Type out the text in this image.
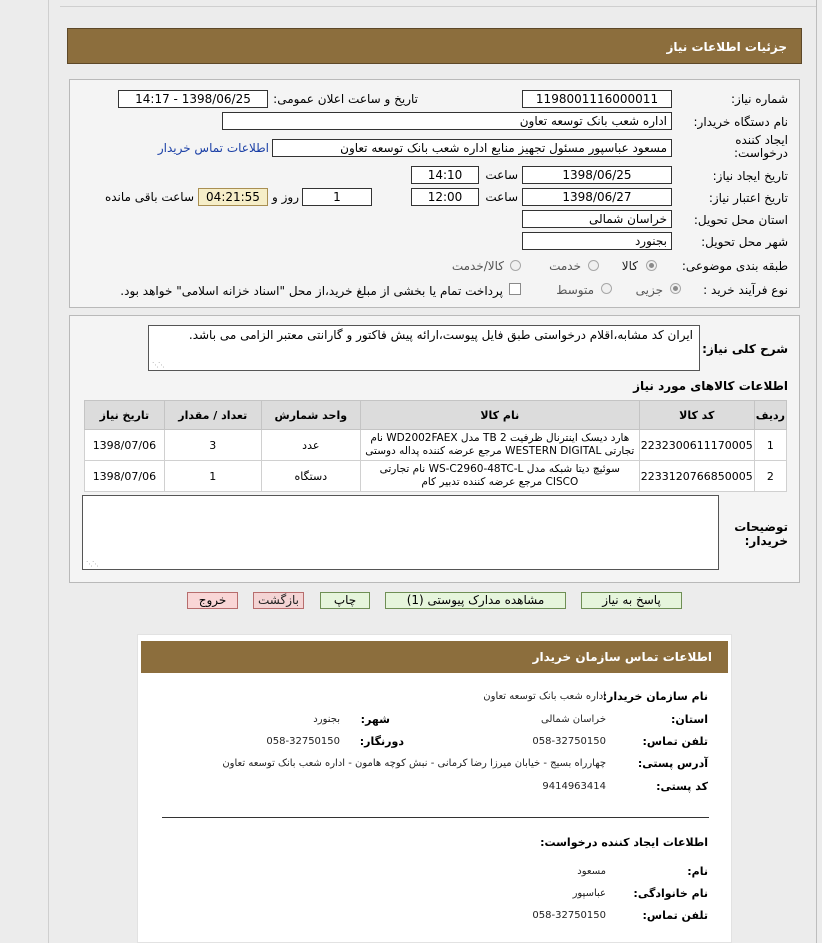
جزئیات اطلاعات نیاز
شماره نیاز:
1198001116000011
تاریخ و ساعت اعلان عمومی:
1398/06/25 - 14:17
نام دستگاه خریدار:
اداره شعب بانک توسعه تعاون
ایجاد کننده درخواست:
مسعود عباسپور مسئول تجهیز منابع اداره شعب بانک توسعه تعاون
اطلاعات تماس خریدار
تاریخ ایجاد نیاز:
1398/06/25
ساعت
14:10
تاریخ اعتبار نیاز:
1398/06/27
ساعت
12:00
1
روز و
04:21:55
ساعت باقی مانده
استان محل تحویل:
خراسان شمالی
شهر محل تحویل:
بجنورد
طبقه بندی موضوعی:
کالا
خدمت
کالا/خدمت
نوع فرآیند خرید :
جزیی
متوسط
پرداخت تمام یا بخشی از مبلغ خرید،از محل "اسناد خزانه اسلامی" خواهد بود.
شرح کلی نیاز:
ایران کد مشابه،اقلام درخواستی طبق فایل پیوست،ارائه پیش فاکتور و گارانتی معتبر الزامی می باشد.
⋰⋰
اطلاعات کالاهای مورد نیاز
ردیف	کد کالا	نام کالا	واحد شمارش	تعداد / مقدار	تاریخ نیاز
1	2232300611170005	هارد دیسک اینترنال ظرفیت 2 TB مدل WD2002FAEX نام
تجارتی WESTERN DIGITAL مرجع عرضه کننده پداله دوستی	عدد	3	1398/07/06
2	2233120766850005	سوئیچ دیتا شبکه مدل WS-C2960-48TC-L نام تجارتی
CISCO مرجع عرضه کننده تدبیر کام	دستگاه	1	1398/07/06
توضیحات خریدار:
⋰⋰
پاسخ به نیاز
مشاهده مدارک پیوستی (1)
چاپ
بازگشت
خروج
اطلاعات تماس سازمان خریدار
نام سازمان خریدار:
اداره شعب بانک توسعه تعاون
استان:
خراسان شمالی
شهر:
بجنورد
تلفن تماس:
058-32750150
دورنگار:
058-32750150
آدرس پستی:
چهارراه بسیج - خیابان میرزا رضا کرمانی - نبش کوچه هامون - اداره شعب بانک توسعه تعاون
کد پستی:
9414963414
اطلاعات ایجاد کننده درخواست:
نام:
مسعود
نام خانوادگی:
عباسپور
تلفن تماس:
058-32750150
